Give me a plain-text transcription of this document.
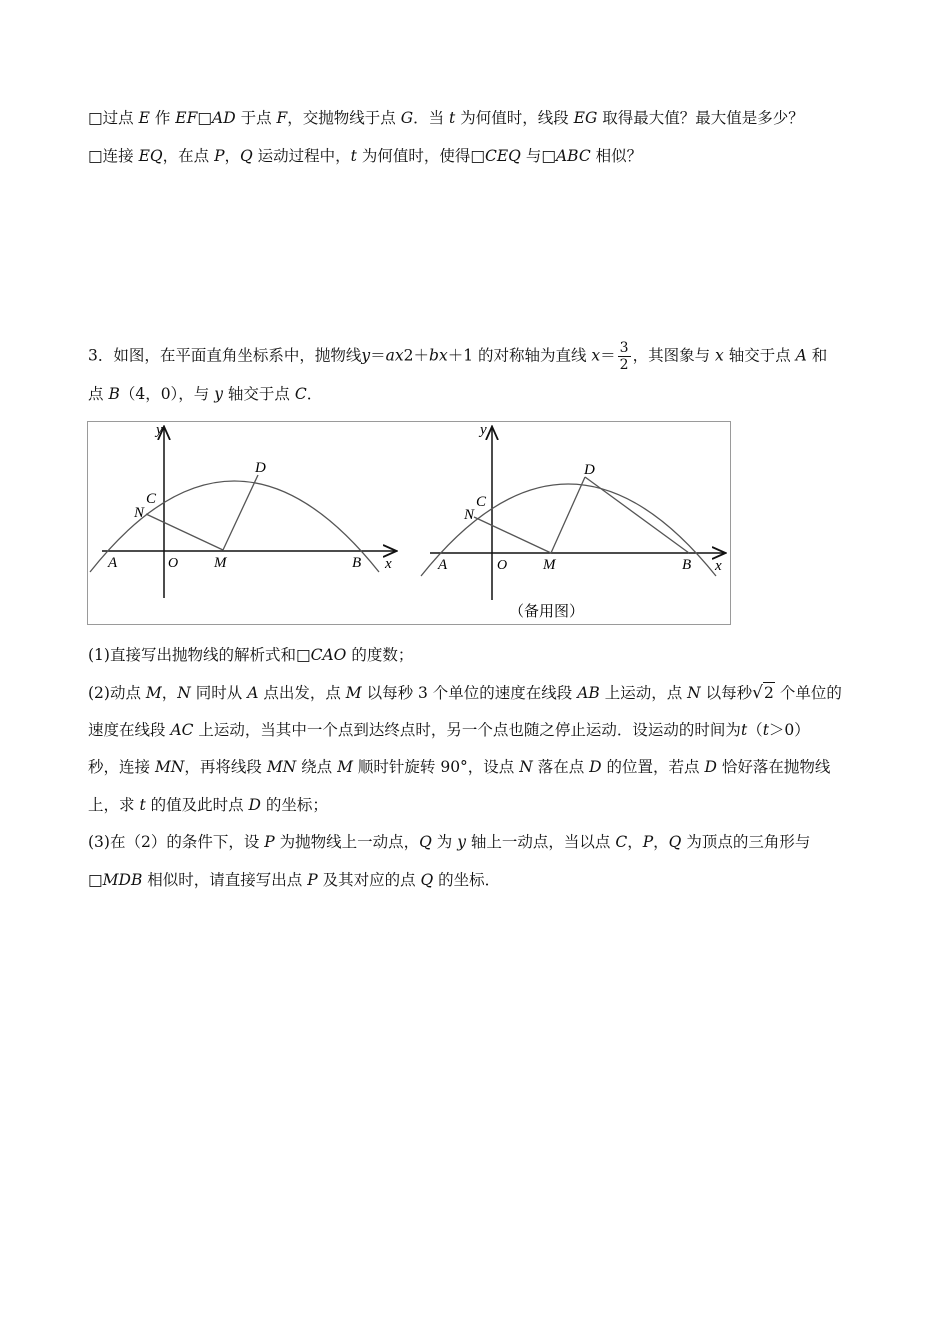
□过点 E 作 EF□AD 于点 F，交抛物线于点 G．当 t 为何值时，线段 EG 取得最大值？最大值是多少？
□连接 EQ，在点 P，Q 运动过程中，t 为何值时，使得□CEQ 与□ABC 相似？
3．如图，在平面直角坐标系中，抛物线y＝ax2＋bx＋1 的对称轴为直线 $x= \frac{3}{2}$ ，其图象与 x 轴交于点 A 和
点 B（4，0），与 y 轴交于点 C．
y
x
A	O M	B
C
N
D
y
x
A	O M	B
C
N
D
（备用图）
(1)直接写出抛物线的解析式和□CAO 的度数；
(2)动点 M，N 同时从 A 点出发，点 M 以每秒 3 个单位的速度在线段 AB 上运动，点 N 以每秒√2 个单位的
速度在线段 AC 上运动，当其中一个点到达终点时，另一个点也随之停止运动．设运动的时间为t（t＞0）
秒，连接 MN，再将线段 MN 绕点 M 顺时针旋转 90°，设点 N 落在点 D 的位置，若点 D 恰好落在抛物线
上，求 t 的值及此时点 D 的坐标；
(3)在（2）的条件下，设 P 为抛物线上一动点，Q 为 y 轴上一动点，当以点 C，P，Q 为顶点的三角形与
□MDB 相似时，请直接写出点 P 及其对应的点 Q 的坐标．
